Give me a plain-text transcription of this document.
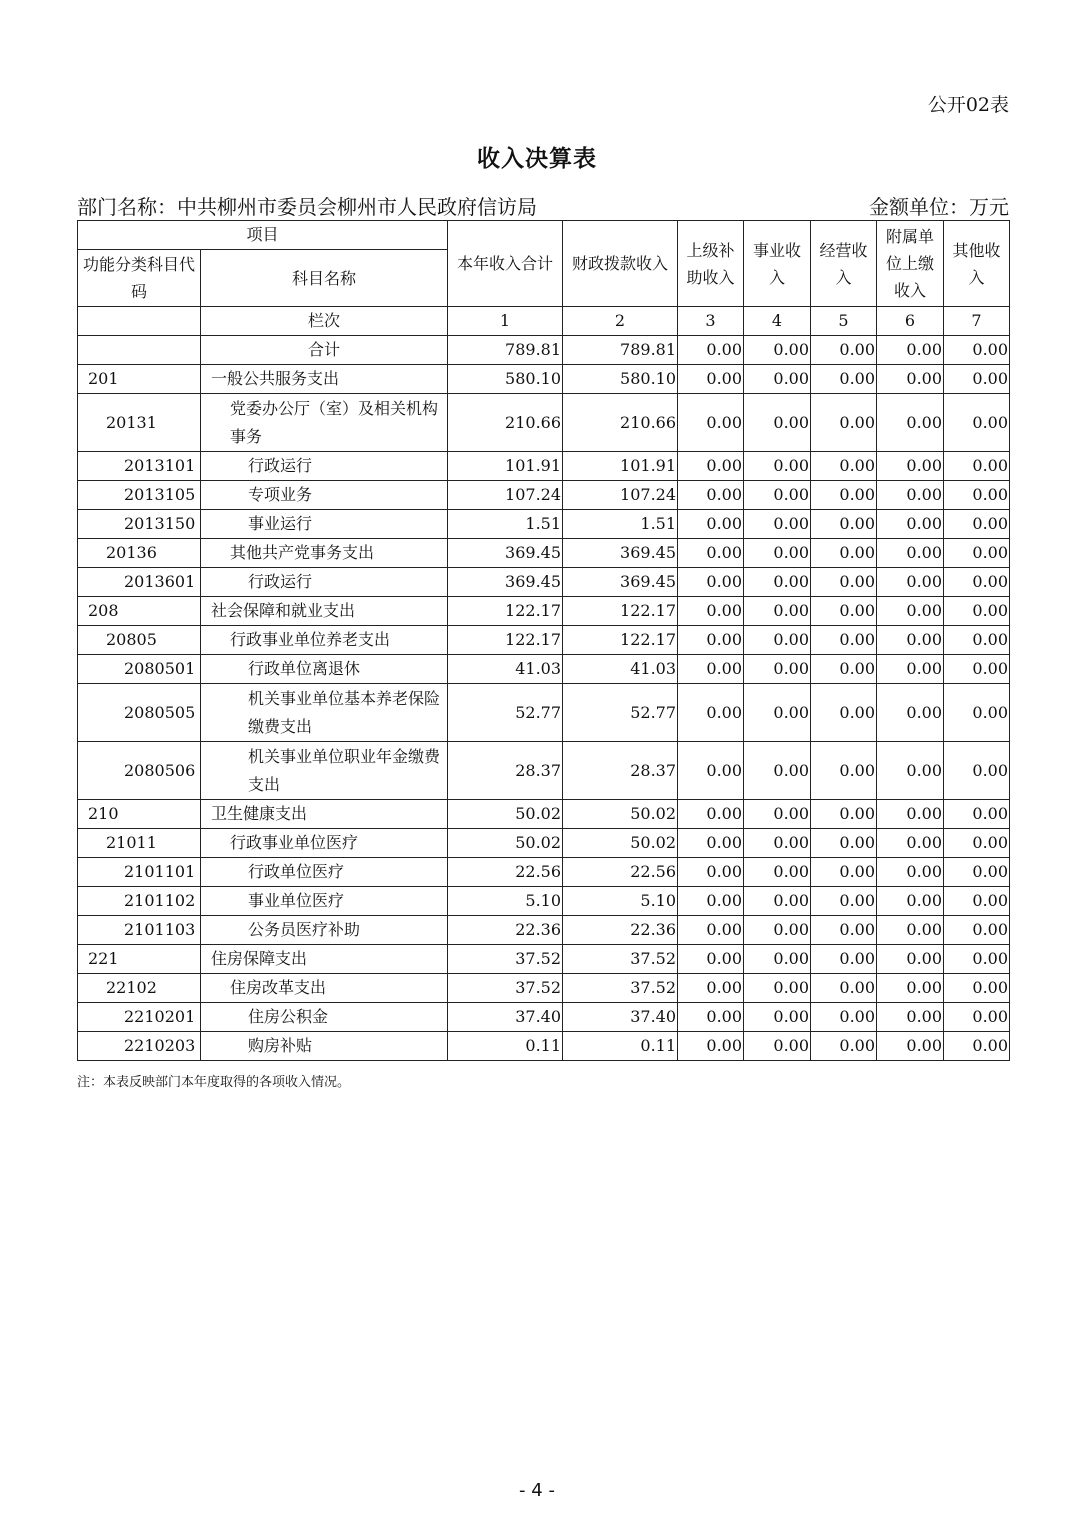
公开02表
收入决算表
部门名称：中共柳州市委员会柳州市人民政府信访局	金额单位：万元
项目		本年收入合计	财政拨款收入	上级补助收入	事业收入	经营收入	附属单位上缴收入	其他收入
功能分类科目代码	科目名称							
	栏次	1	2	3	4	5	6	7
	合计	789.81	789.81	0.00	0.00	0.00	0.00	0.00
201	一般公共服务支出	580.10	580.10	0.00	0.00	0.00	0.00	0.00
20131	党委办公厅（室）及相关机构事务	210.66	210.66	0.00	0.00	0.00	0.00	0.00
2013101	行政运行	101.91	101.91	0.00	0.00	0.00	0.00	0.00
2013105	专项业务	107.24	107.24	0.00	0.00	0.00	0.00	0.00
2013150	事业运行	1.51	1.51	0.00	0.00	0.00	0.00	0.00
20136	其他共产党事务支出	369.45	369.45	0.00	0.00	0.00	0.00	0.00
2013601	行政运行	369.45	369.45	0.00	0.00	0.00	0.00	0.00
208	社会保障和就业支出	122.17	122.17	0.00	0.00	0.00	0.00	0.00
20805	行政事业单位养老支出	122.17	122.17	0.00	0.00	0.00	0.00	0.00
2080501	行政单位离退休	41.03	41.03	0.00	0.00	0.00	0.00	0.00
2080505	机关事业单位基本养老保险缴费支出	52.77	52.77	0.00	0.00	0.00	0.00	0.00
2080506	机关事业单位职业年金缴费支出	28.37	28.37	0.00	0.00	0.00	0.00	0.00
210	卫生健康支出	50.02	50.02	0.00	0.00	0.00	0.00	0.00
21011	行政事业单位医疗	50.02	50.02	0.00	0.00	0.00	0.00	0.00
2101101	行政单位医疗	22.56	22.56	0.00	0.00	0.00	0.00	0.00
2101102	事业单位医疗	5.10	5.10	0.00	0.00	0.00	0.00	0.00
2101103	公务员医疗补助	22.36	22.36	0.00	0.00	0.00	0.00	0.00
221	住房保障支出	37.52	37.52	0.00	0.00	0.00	0.00	0.00
22102	住房改革支出	37.52	37.52	0.00	0.00	0.00	0.00	0.00
2210201	住房公积金	37.40	37.40	0.00	0.00	0.00	0.00	0.00
2210203	购房补贴	0.11	0.11	0.00	0.00	0.00	0.00	0.00
注：本表反映部门本年度取得的各项收入情况。
- 4 -
